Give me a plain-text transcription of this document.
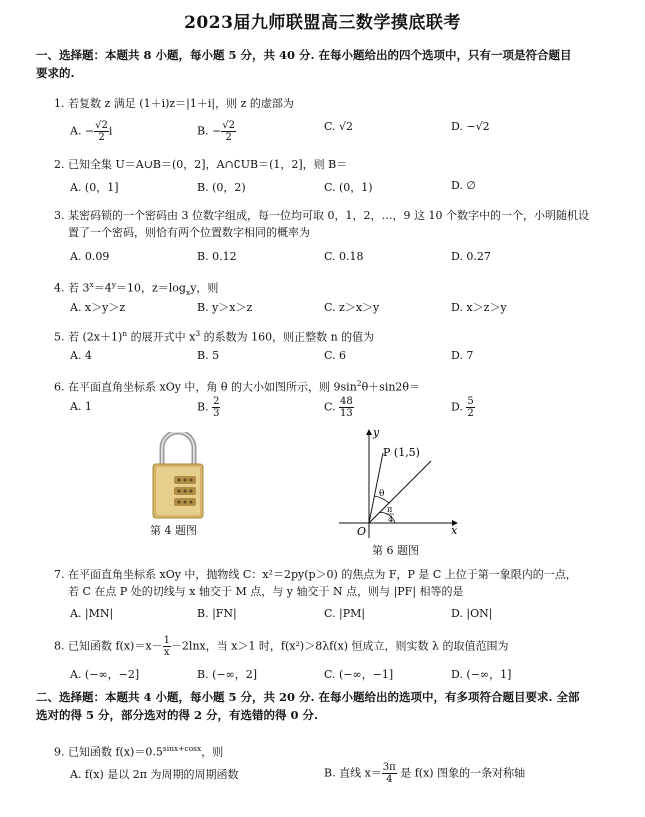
2023届九师联盟高三数学摸底联考
一、选择题：本题共 8 小题，每小题 5 分，共 40 分. 在每小题给出的四个选项中，只有一项是符合题目
要求的.
1. 若复数 z 满足 (1＋i)z＝|1＋i|，则 z 的虚部为
A. − $\frac{√2}{2}$ i	B. − $\frac{√2}{2}$	C. √2	D. −√2
2. 已知全集 U＝A∪B＝(0，2]，A∩∁UB＝(1，2]，则 B＝
A. (0，1]	B. (0，2)	C. (0，1)	D. ∅
3. 某密码锁的一个密码由 3 位数字组成，每一位均可取 0，1，2，…，9 这 10 个数字中的一个，小明随机设
置了一个密码，则恰有两个位置数字相同的概率为
A. 0.09	B. 0.12	C. 0.18	D. 0.27
4. 若 $3^x=4^y=10$，$z=\log_xy$，则
A. x＞y＞z	B. y＞x＞z	C. z＞x＞y	D. x＞z＞y
5. 若 $(2x+1)^n$ 的展开式中 $x^3$ 的系数为 160，则正整数 n 的值为
A. 4	B. 5	C. 6	D. 7
6. 在平面直角坐标系 xOy 中，角 θ 的大小如图所示，则 $9\sin^2\theta+\sin 2\theta=$
A. 1	B. $\frac{2}{3}$	C. $\frac{48}{13}$	D. $\frac{5}{2}$
第 4 题图
y
x
O
P (1,5)
θ
π
4
第 6 题图
7. 在平面直角坐标系 xOy 中，抛物线 C：x²＝2py(p＞0) 的焦点为 F，P 是 C 上位于第一象限内的一点，
若 C 在点 P 处的切线与 x 轴交于 M 点，与 y 轴交于 N 点，则与 |PF| 相等的是
A. |MN|	B. |FN|	C. |PM|	D. |ON|
8. 已知函数 $f(x)=x- \frac{1}{x} -2\ln x$，当 x＞1 时，f(x²)＞8λf(x) 恒成立，则实数 λ 的取值范围为
A. (−∞，−2]	B. (−∞，2]	C. (−∞，−1]	D. (−∞，1]
二、选择题：本题共 4 小题，每小题 5 分，共 20 分. 在每小题给出的选项中，有多项符合题目要求. 全部
选对的得 5 分，部分选对的得 2 分，有选错的得 0 分.
9. 已知函数 $f(x)=0.5^{sinx+cosx}$，则
A. f(x) 是以 2π 为周期的周期函数	B. 直线 $x= \frac{3\pi}{4}$ 是 f(x) 图象的一条对称轴
